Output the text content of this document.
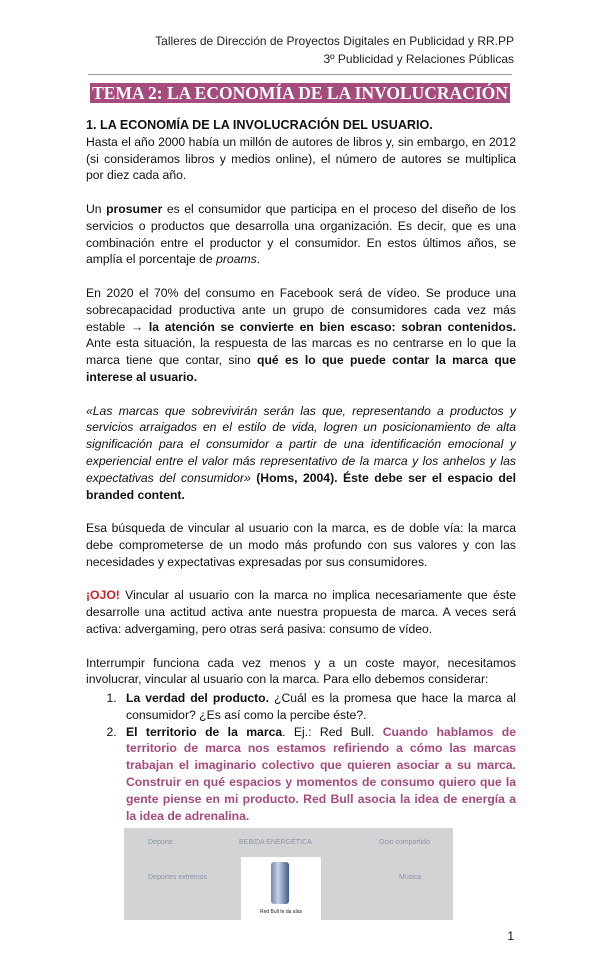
Talleres de Dirección de Proyectos Digitales en Publicidad y RR.PP
3º Publicidad y Relaciones Públicas
TEMA 2: LA ECONOMÍA DE LA INVOLUCRACIÓN
1. LA ECONOMÍA DE LA INVOLUCRACIÓN DEL USUARIO.

Hasta el año 2000 había un millón de autores de libros y, sin embargo, en 2012 (si consideramos libros y medios online), el número de autores se multiplica por diez cada año.

Un prosumer es el consumidor que participa en el proceso del diseño de los servicios o productos que desarrolla una organización. Es decir, que es una combinación entre el productor y el consumidor. En estos últimos años, se amplía el porcentaje de proams.

En 2020 el 70% del consumo en Facebook será de vídeo. Se produce una sobrecapacidad productiva ante un grupo de consumidores cada vez más estable → la atención se convierte en bien escaso: sobran contenidos. Ante esta situación, la respuesta de las marcas es no centrarse en lo que la marca tiene que contar, sino qué es lo que puede contar la marca que interese al usuario.

«Las marcas que sobrevivirán serán las que, representando a productos y servicios arraigados en el estilo de vida, logren un posicionamiento de alta significación para el consumidor a partir de una identificación emocional y experiencial entre el valor más representativo de la marca y los anhelos y las expectativas del consumidor» (Homs, 2004). Éste debe ser el espacio del branded content.

Esa búsqueda de vincular al usuario con la marca, es de doble vía: la marca debe comprometerse de un modo más profundo con sus valores y con las necesidades y expectativas expresadas por sus consumidores.

¡OJO! Vincular al usuario con la marca no implica necesariamente que éste desarrolle una actitud activa ante nuestra propuesta de marca. A veces será activa: advergaming, pero otras será pasiva: consumo de vídeo.

Interrumpir funciona cada vez menos y a un coste mayor, necesitamos involucrar, vincular al usuario con la marca. Para ello debemos considerar:

1. La verdad del producto. ¿Cuál es la promesa que hace la marca al consumidor? ¿Es así como la percibe éste?.
2. El territorio de la marca. Ej.: Red Bull. Cuando hablamos de territorio de marca nos estamos refiriendo a cómo las marcas trabajan el imaginario colectivo que quieren asociar a su marca. Construir en qué espacios y momentos de consumo quiero que la gente piense en mi producto. Red Bull asocia la idea de energía a la idea de adrenalina.
Deporte	BEBIDA ENERGÉTICA	Ocio compartido
Deportes extremos	Música
Red Bull te da alas
1
